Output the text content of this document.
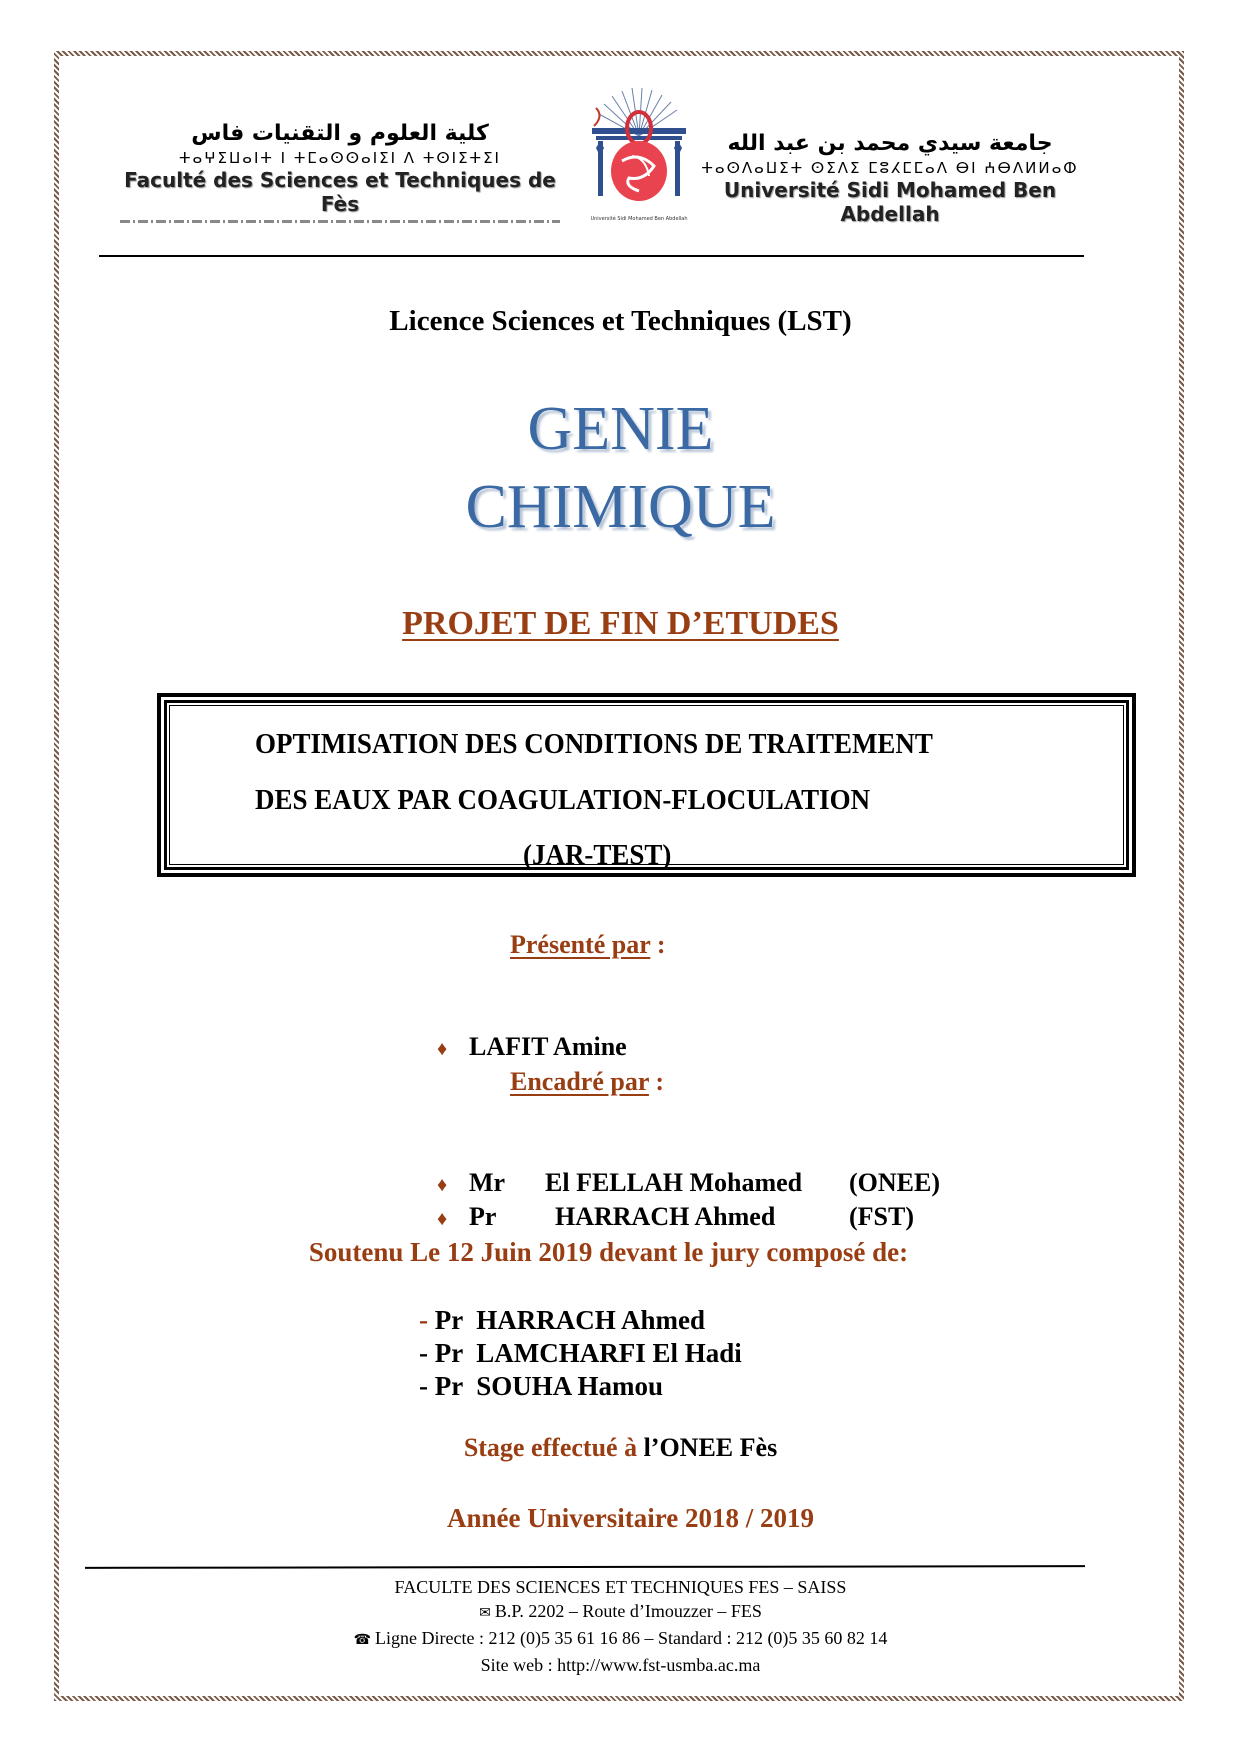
كلية العلوم و التقنيات فاس
ⵜⴰⵖⵉⵡⴰⵏⵜ ⵏ ⵜⵎⴰⵙⵙⴰⵏⵉⵏ ⴷ ⵜⵙⵏⵉⵜⵉⵏ
Faculté des Sciences et Techniques de Fès
Université Sidi Mohamed Ben Abdellah
جامعة سيدي محمد بن عبد الله
ⵜⴰⵙⴷⴰⵡⵉⵜ ⵙⵉⴷⵉ ⵎⵓⵃⵎⵎⴰⴷ ⴱⵏ ⵄⴱⴷⵍⵍⴰⵀ
Université Sidi Mohamed Ben Abdellah
Licence Sciences et Techniques (LST)
GENIE
CHIMIQUE
PROJET DE FIN D’ETUDES
OPTIMISATION DES CONDITIONS DE TRAITEMENT
DES EAUX PAR COAGULATION-FLOCULATION
(JAR-TEST)
Présenté par :

♦ LAFIT Amine

Encadré par :

♦ Mr El FELLAH Mohamed (ONEE)

♦ Pr HARRACH Ahmed	(FST)

Soutenu Le 12 Juin 2019 devant le jury composé de:
- Pr HARRACH Ahmed
- Pr LAMCHARFI El Hadi
- Pr SOUHA Hamou
Stage effectué à l’ONEE Fès
Année Universitaire 2018 / 2019
FACULTE DES SCIENCES ET TECHNIQUES FES – SAISS
✉ B.P. 2202 – Route d’Imouzzer – FES
☎ Ligne Directe : 212 (0)5 35 61 16 86 – Standard : 212 (0)5 35 60 82 14
Site web : http://www.fst-usmba.ac.ma
